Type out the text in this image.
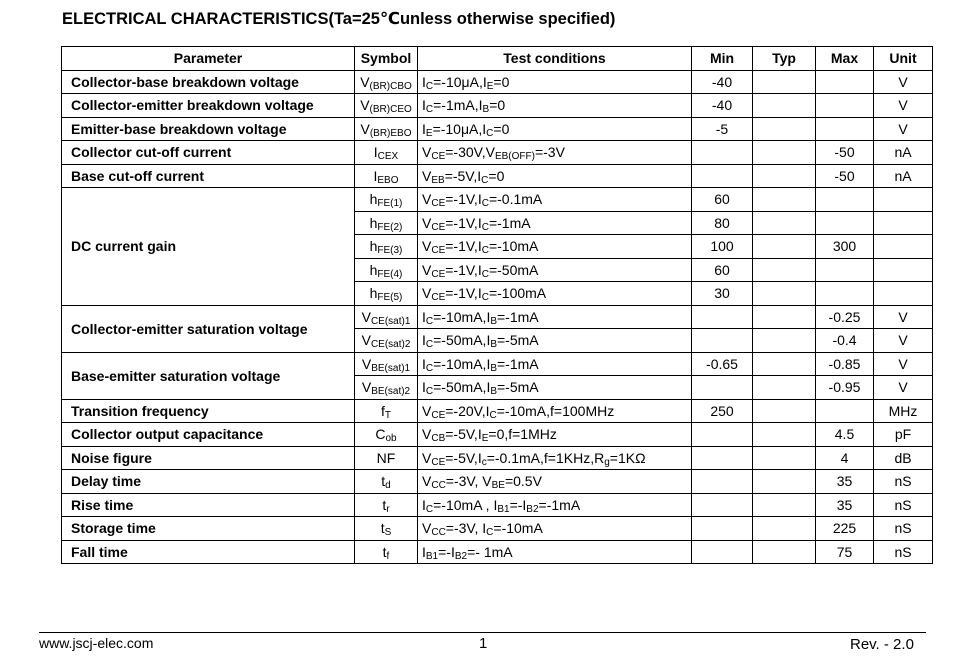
ELECTRICAL CHARACTERISTICS(Ta=25℃unless otherwise specified)
Parameter	Symbol	Test conditions	Min	Typ	Max	Unit
Collector-base breakdown voltage	$V_{(BR)CBO}$	$I_C=-10\mu A,I_E=0$	-40			V
Collector-emitter breakdown voltage	$V_{(BR)CEO}$	$I_C=-1mA,I_B=0$	-40			V
Emitter-base breakdown voltage	$V_{(BR)EBO}$	$I_E=-10\mu A,I_C=0$	-5			V
Collector cut-off current	$I_{CEX}$	$V_{CE}=-30V,V_{EB(OFF)}=-3V$			-50	nA
Base cut-off current	$I_{EBO}$	$V_{EB}=-5V,I_C=0$			-50	nA
DC current gain	$h_{FE(1)}$	$V_{CE}=-1V,I_C=-0.1mA$	60			
	$h_{FE(2)}$	$V_{CE}=-1V,I_C=-1mA$	80			
	$h_{FE(3)}$	$V_{CE}=-1V,I_C=-10mA$	100		300	
	$h_{FE(4)}$	$V_{CE}=-1V,I_C=-50mA$	60			
	$h_{FE(5)}$	$V_{CE}=-1V,I_C=-100mA$	30			
Collector-emitter saturation voltage	$V_{CE(sat)1}$	$I_C=-10mA,I_B=-1mA$			-0.25	V
	$V_{CE(sat)2}$	$I_C=-50mA,I_B=-5mA$			-0.4	V
Base-emitter saturation voltage	$V_{BE(sat)1}$	$I_C=-10mA,I_B=-1mA$	-0.65		-0.85	V
	$V_{BE(sat)2}$	$I_C=-50mA,I_B=-5mA$			-0.95	V
Transition frequency	$f_T$	$V_{CE}=-20V,I_C=-10mA,f=100MHz$	250			MHz
Collector output capacitance	$C_{ob}$	$V_{CB}=-5V,I_E=0,f=1MHz$			4.5	pF
Noise figure	NF	$V_{CE}=-5V,I_c=-0.1mA,f=1KHz,R_g=1K\Omega$			4	dB
Delay time	$t_d$	$V_{CC}=-3V$, $V_{BE}=0.5V$			35	nS
Rise time	$t_r$	$I_C=-10mA$ , $I_{B1}=-I_{B2}=-1mA$			35	nS
Storage time	$t_S$	$V_{CC}=-3V$, $I_C=-10mA$			225	nS
Fall time	$t_f$	$I_{B1}=-I_{B2}=-$ 1mA			75	nS
www.jscj-elec.com	1	Rev. - 2.0
